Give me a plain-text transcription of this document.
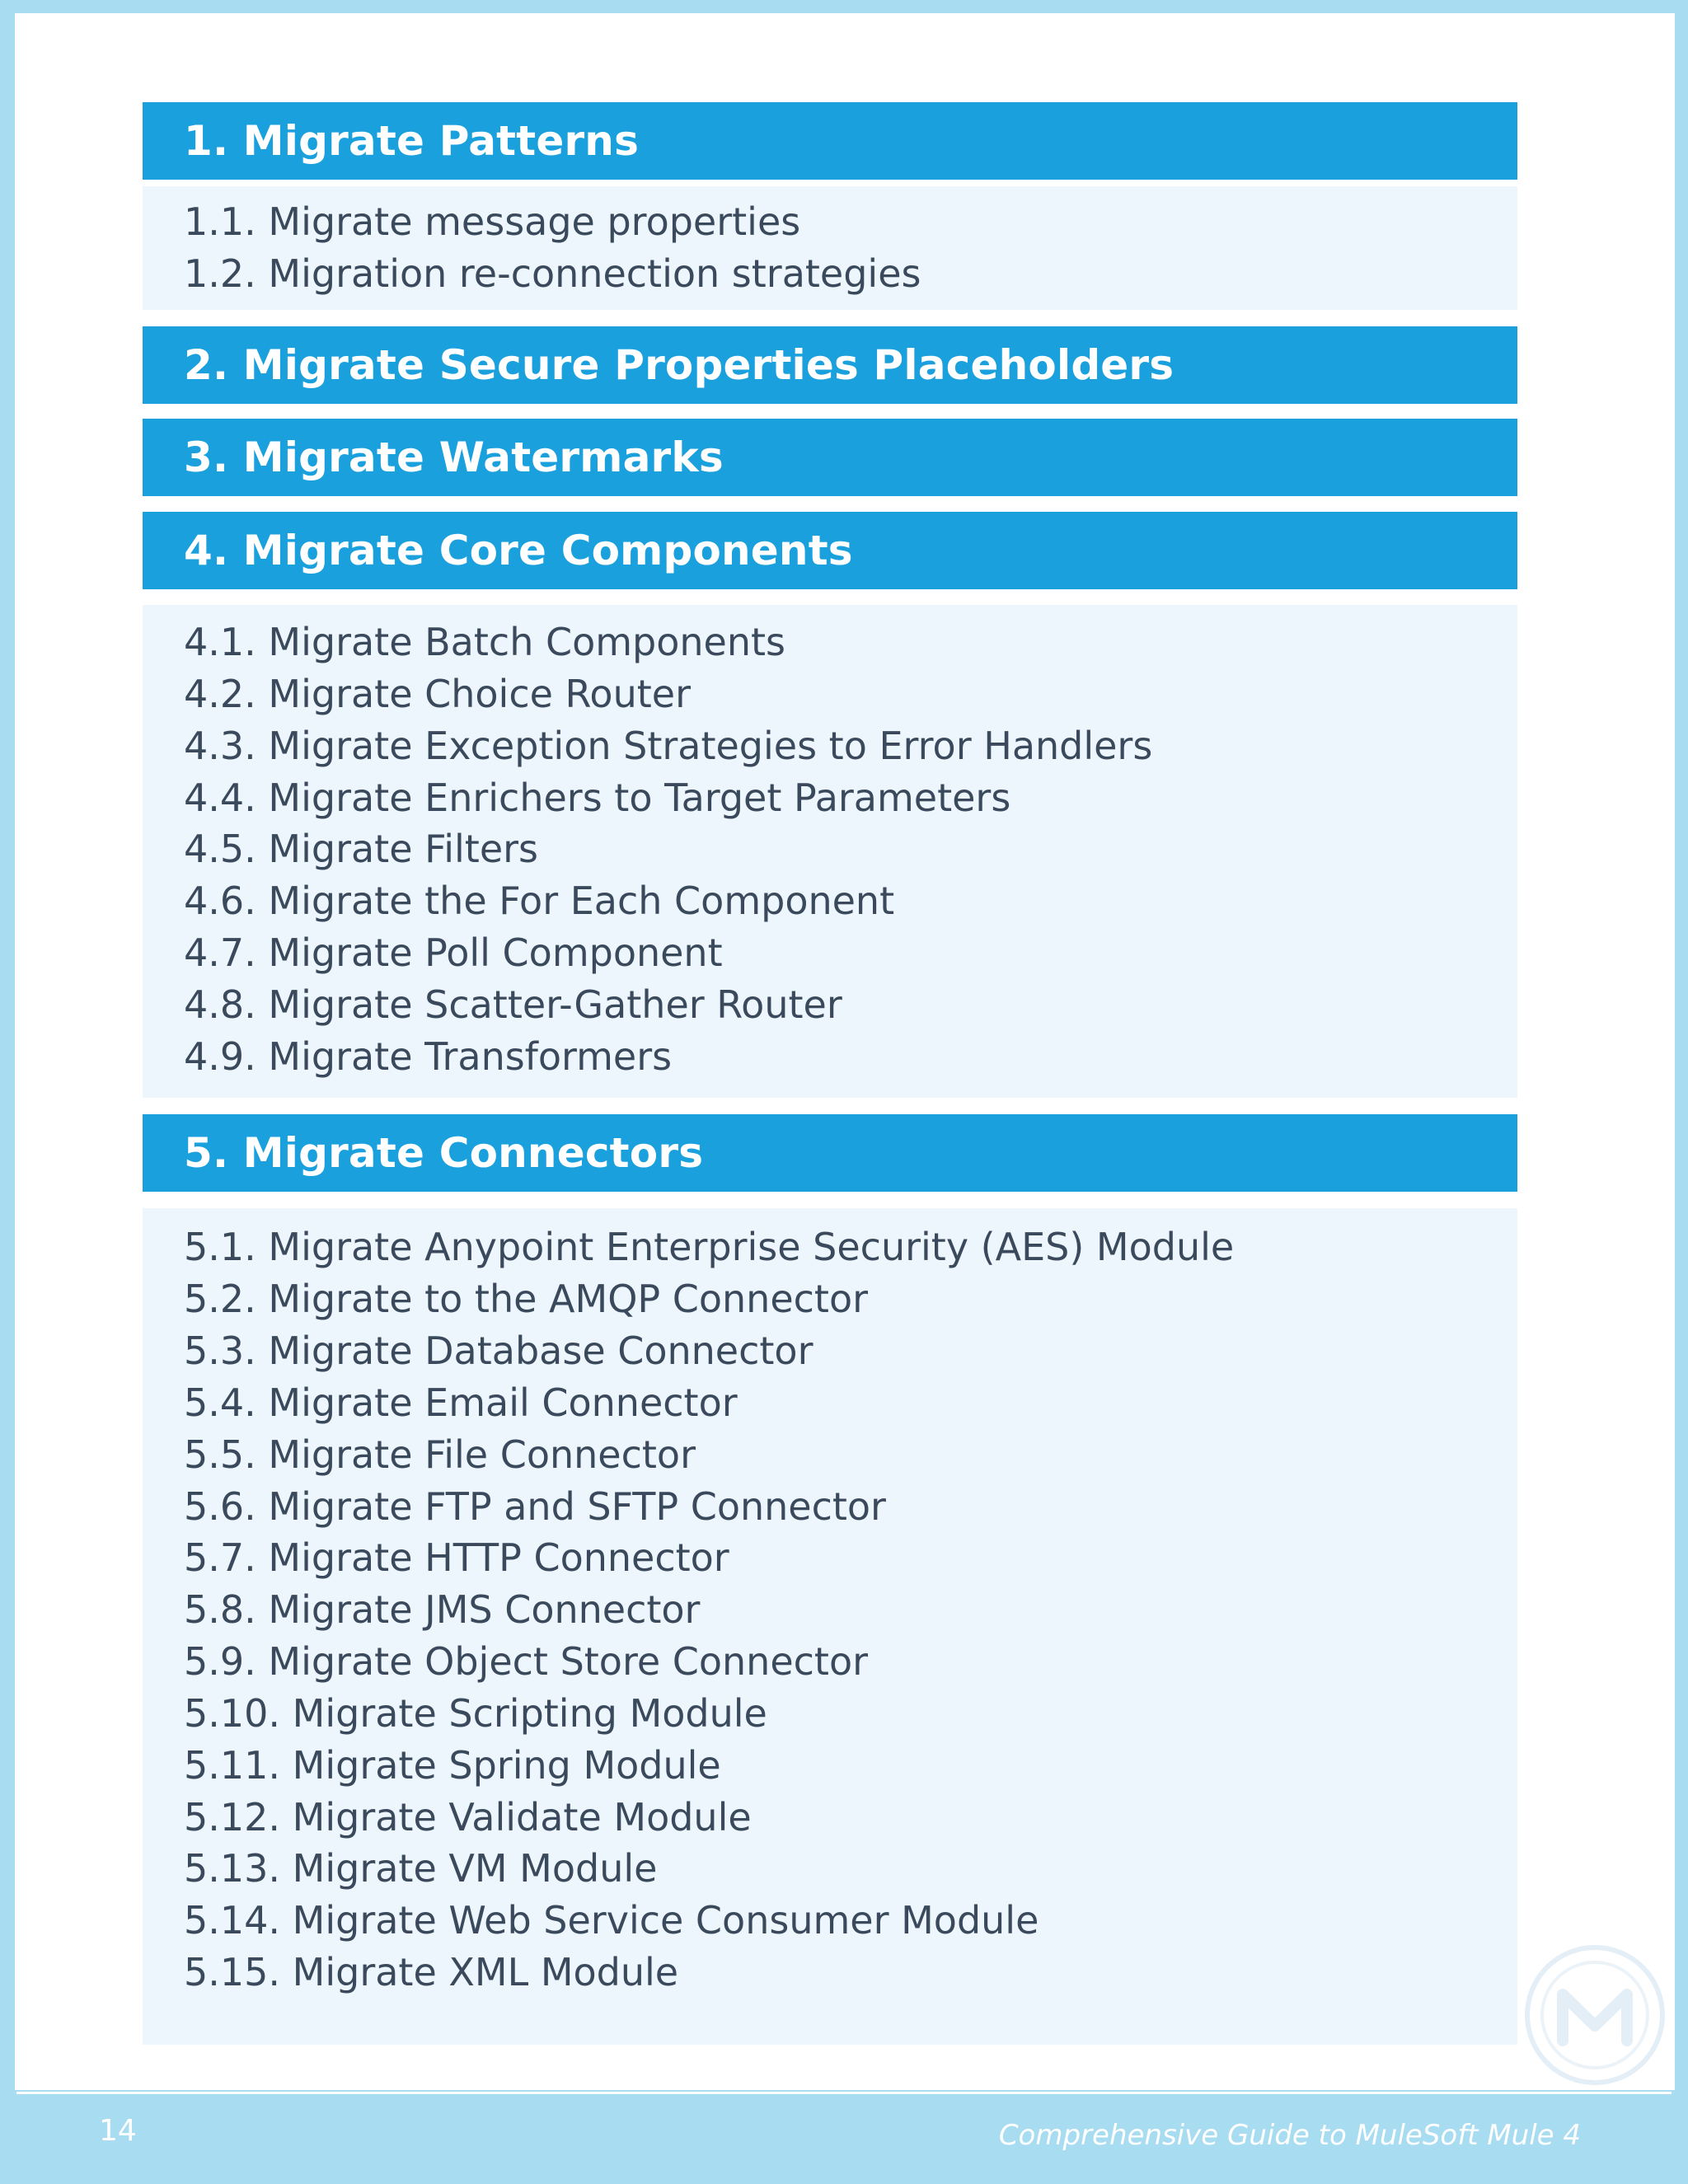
1. Migrate Patterns
1.1. Migrate message properties
1.2. Migration re-connection strategies
2. Migrate Secure Properties Placeholders
3. Migrate Watermarks
4. Migrate Core Components
4.1. Migrate Batch Components
4.2. Migrate Choice Router
4.3. Migrate Exception Strategies to Error Handlers
4.4. Migrate Enrichers to Target Parameters
4.5. Migrate Filters
4.6. Migrate the For Each Component
4.7. Migrate Poll Component
4.8. Migrate Scatter-Gather Router
4.9. Migrate Transformers
5. Migrate Connectors
5.1. Migrate Anypoint Enterprise Security (AES) Module
5.2. Migrate to the AMQP Connector
5.3. Migrate Database Connector
5.4. Migrate Email Connector
5.5. Migrate File Connector
5.6. Migrate FTP and SFTP Connector
5.7. Migrate HTTP Connector
5.8. Migrate JMS Connector
5.9. Migrate Object Store Connector
5.10. Migrate Scripting Module
5.11. Migrate Spring Module
5.12. Migrate Validate Module
5.13. Migrate VM Module
5.14. Migrate Web Service Consumer Module
5.15. Migrate XML Module
14	Comprehensive Guide to MuleSoft Mule 4
